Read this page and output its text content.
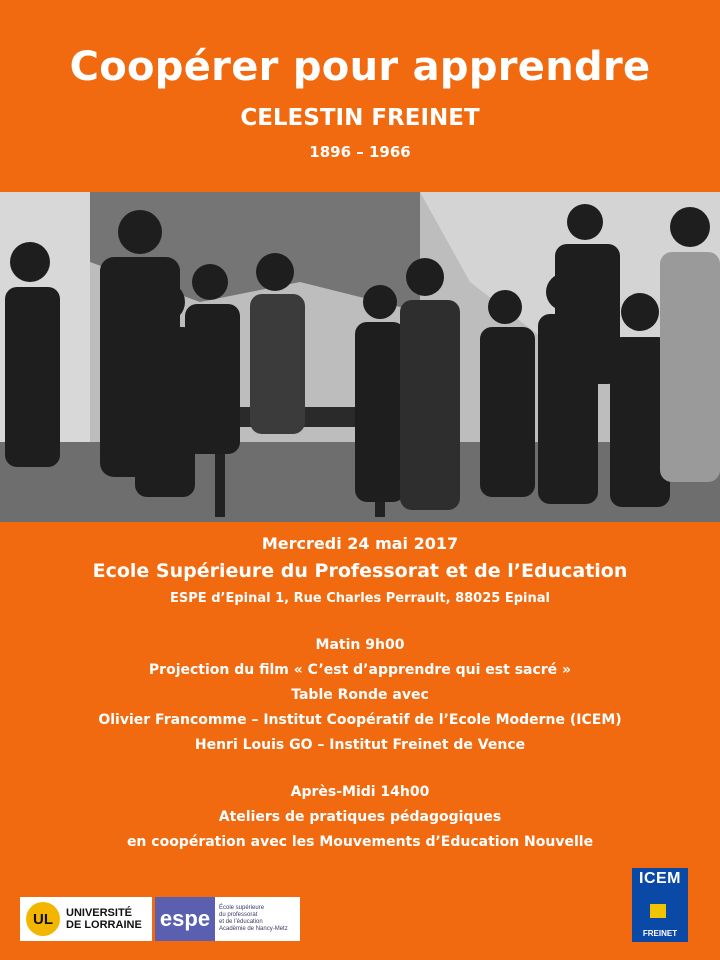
Coopérer pour apprendre
CELESTIN FREINET
1896 – 1966
Mercredi 24 mai 2017
Ecole Supérieure du Professorat et de l’Education
ESPE d’Epinal 1, Rue Charles Perrault, 88025 Epinal
Matin 9h00
Projection du film « C’est d’apprendre qui est sacré »
Table Ronde avec
Olivier Francomme – Institut Coopératif de l’Ecole Moderne (ICEM)
Henri Louis GO – Institut Freinet de Vence
Après-Midi 14h00
Ateliers de pratiques pédagogiques
en coopération avec les Mouvements d’Education Nouvelle
UL	UNIVERSITÉ
DE LORRAINE espe	École supérieure
du professorat
et de l’éducation
Académie de Nancy-Metz
ICEM
FREINET
